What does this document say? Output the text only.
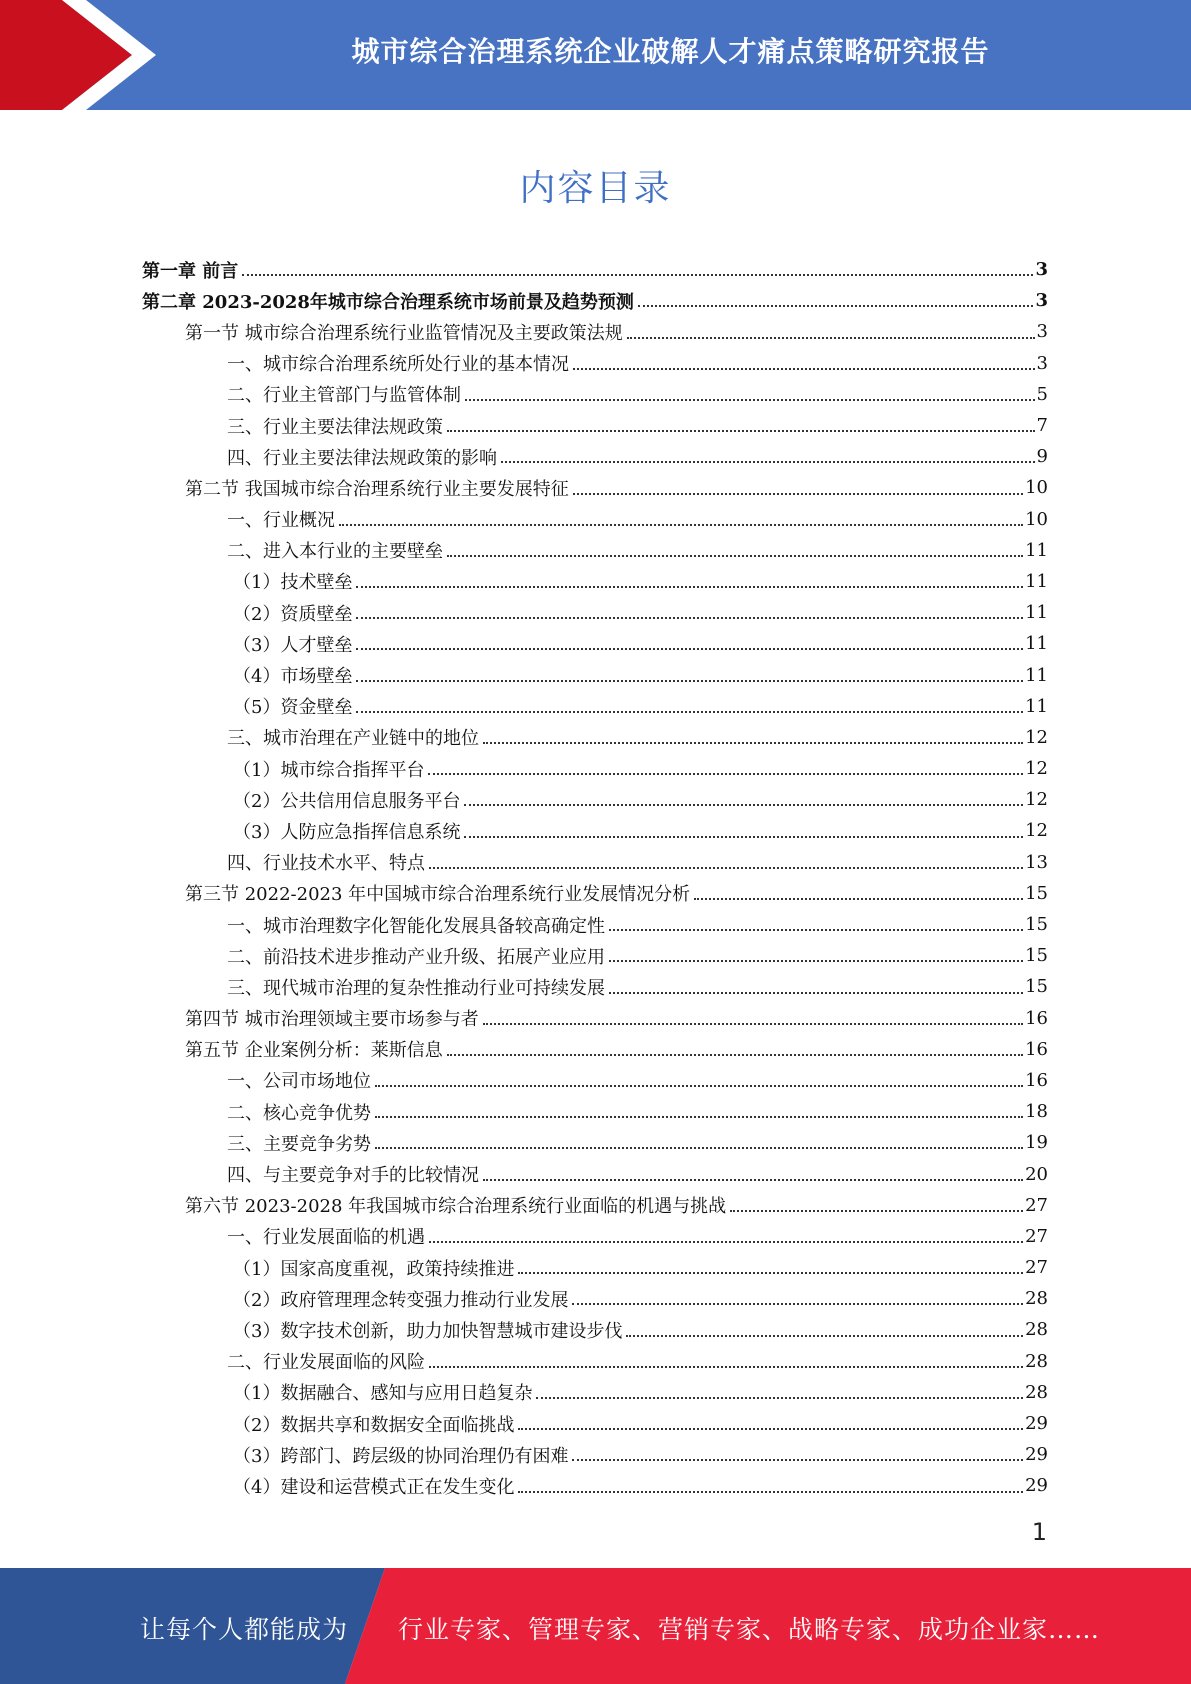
城市综合治理系统企业破解人才痛点策略研究报告
内容目录
第一章 前言	3
第二章 2023-2028年城市综合治理系统市场前景及趋势预测	3
第一节 城市综合治理系统行业监管情况及主要政策法规	3
一、城市综合治理系统所处行业的基本情况	3
二、行业主管部门与监管体制	5
三、行业主要法律法规政策	7
四、行业主要法律法规政策的影响	9
第二节 我国城市综合治理系统行业主要发展特征	10
一、行业概况	10
二、进入本行业的主要壁垒	11
（1）技术壁垒	11
（2）资质壁垒	11
（3）人才壁垒	11
（4）市场壁垒	11
（5）资金壁垒	11
三、城市治理在产业链中的地位	12
（1）城市综合指挥平台	12
（2）公共信用信息服务平台	12
（3）人防应急指挥信息系统	12
四、行业技术水平、特点	13
第三节 2022-2023 年中国城市综合治理系统行业发展情况分析	15
一、城市治理数字化智能化发展具备较高确定性	15
二、前沿技术进步推动产业升级、拓展产业应用	15
三、现代城市治理的复杂性推动行业可持续发展	15
第四节 城市治理领域主要市场参与者	16
第五节 企业案例分析：莱斯信息	16
一、公司市场地位	16
二、核心竞争优势	18
三、主要竞争劣势	19
四、与主要竞争对手的比较情况	20
第六节 2023-2028 年我国城市综合治理系统行业面临的机遇与挑战	27
一、行业发展面临的机遇	27
（1）国家高度重视，政策持续推进	27
（2）政府管理理念转变强力推动行业发展	28
（3）数字技术创新，助力加快智慧城市建设步伐	28
二、行业发展面临的风险	28
（1）数据融合、感知与应用日趋复杂	28
（2）数据共享和数据安全面临挑战	29
（3）跨部门、跨层级的协同治理仍有困难	29
（4）建设和运营模式正在发生变化	29
1
让每个人都能成为 行业专家、管理专家、营销专家、战略专家、成功企业家……
